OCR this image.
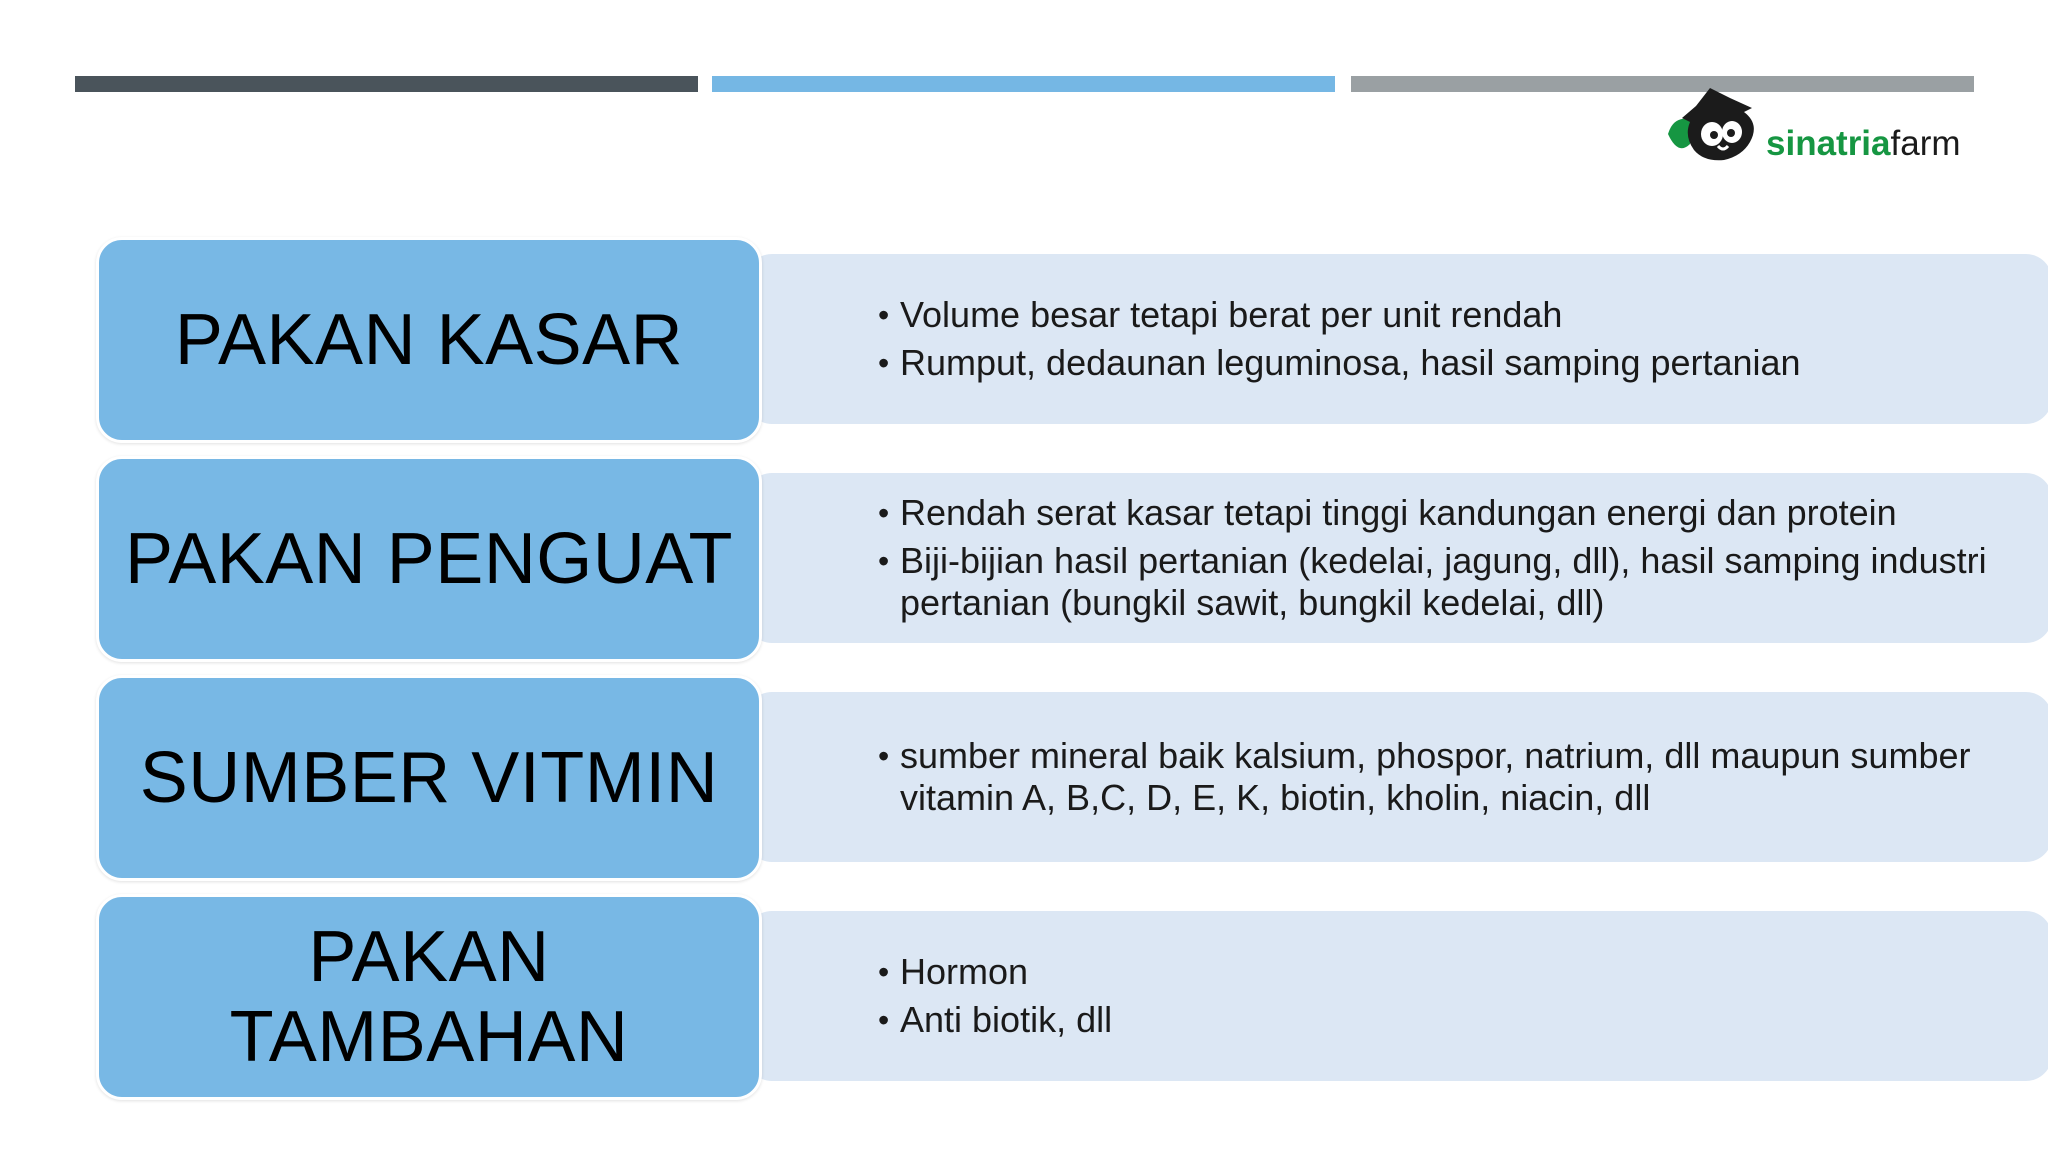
sinatriafarm
• Volume besar tetapi berat per unit rendah
• Rumput, dedaunan leguminosa, hasil samping pertanian
PAKAN KASAR
• Rendah serat kasar tetapi tinggi kandungan energi dan protein
• Biji-bijian hasil pertanian (kedelai, jagung, dll), hasil samping industri pertanian (bungkil sawit, bungkil kedelai, dll)
PAKAN PENGUAT
• sumber mineral baik kalsium, phospor, natrium, dll maupun sumber vitamin A, B,C, D, E, K, biotin, kholin, niacin, dll
SUMBER VITMIN
• Hormon
• Anti biotik, dll
PAKAN
TAMBAHAN
